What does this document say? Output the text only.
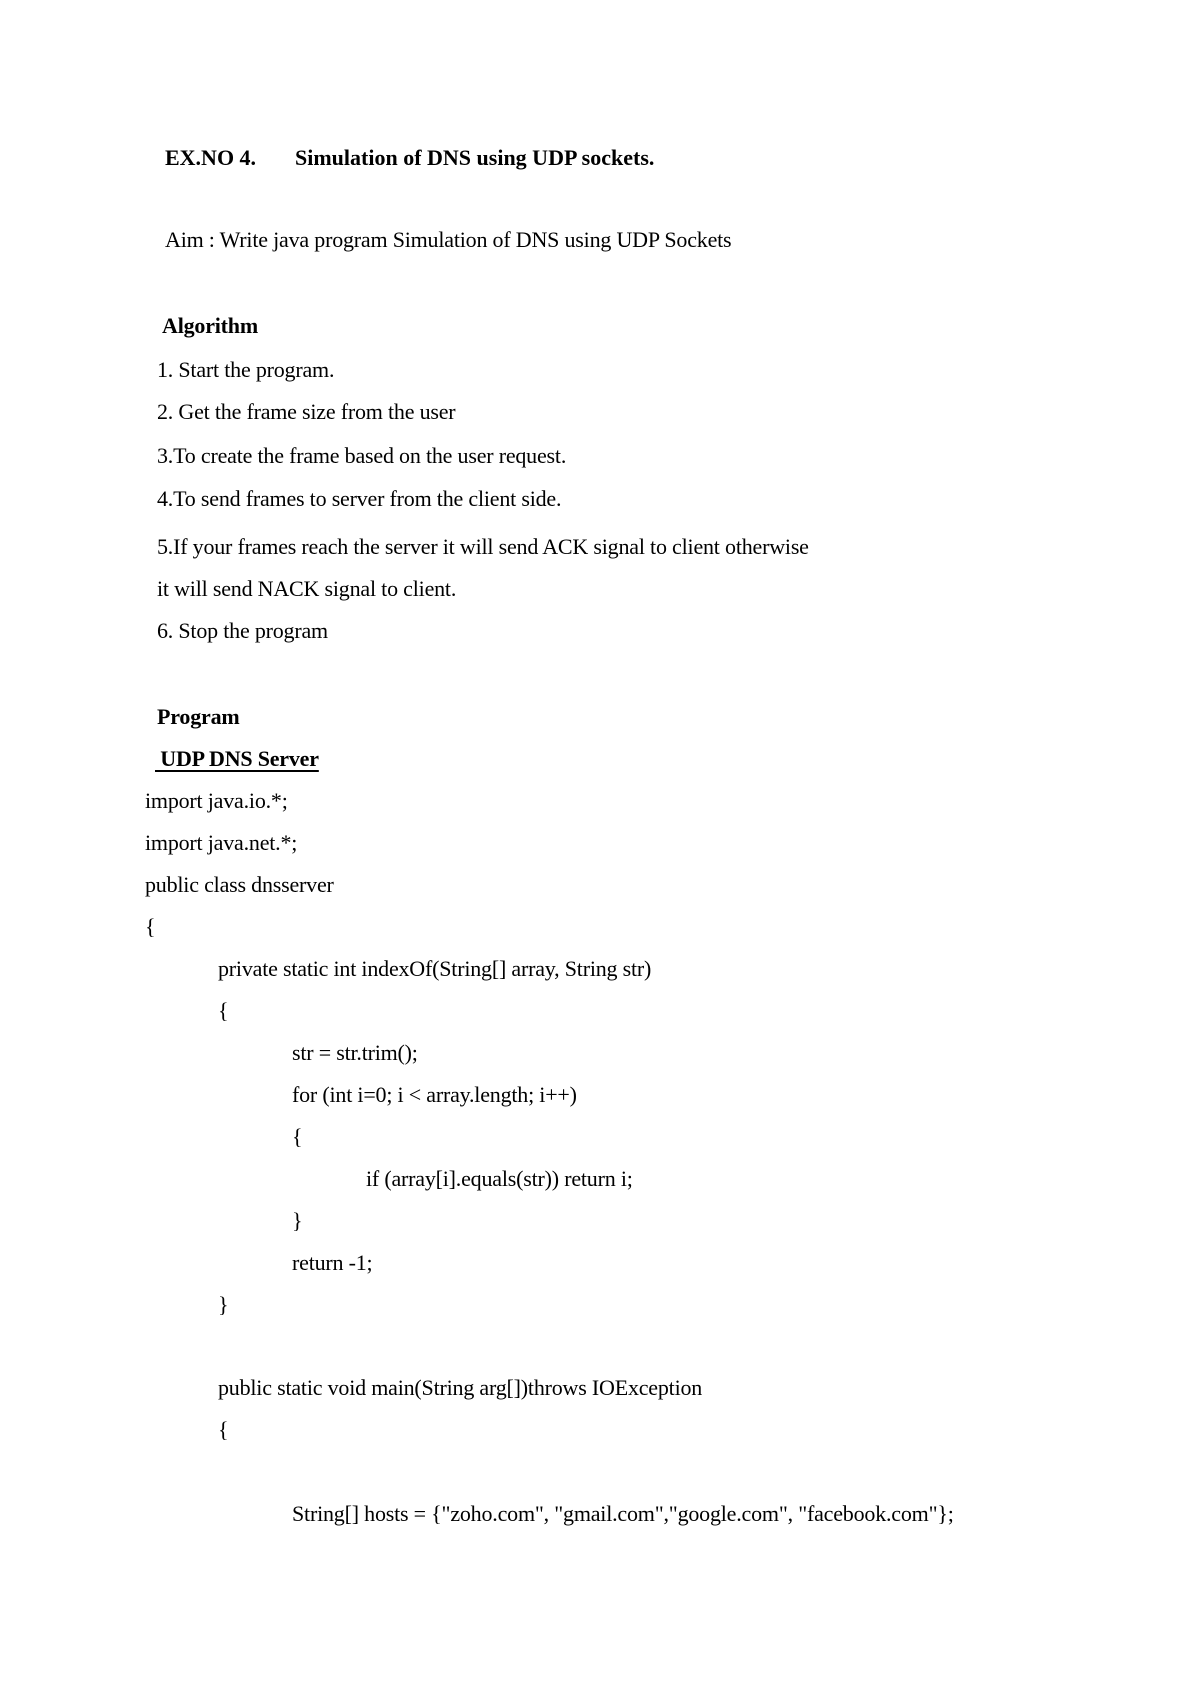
EX.NO 4. Simulation of DNS using UDP sockets.
Aim : Write java program Simulation of DNS using UDP Sockets
Algorithm
1. Start the program.
2. Get the frame size from the user
3.To create the frame based on the user request.
4.To send frames to server from the client side.
5.If your frames reach the server it will send ACK signal to client otherwise
it will send NACK signal to client.
6. Stop the program
Program
UDP DNS Server
import java.io.*;
import java.net.*;
public class dnsserver
{
private static int indexOf(String[] array, String str)
{
str = str.trim();
for (int i=0; i < array.length; i++)
{
if (array[i].equals(str)) return i;
}
return -1;
}
public static void main(String arg[])throws IOException
{
String[] hosts = {"zoho.com", "gmail.com","google.com", "facebook.com"};
